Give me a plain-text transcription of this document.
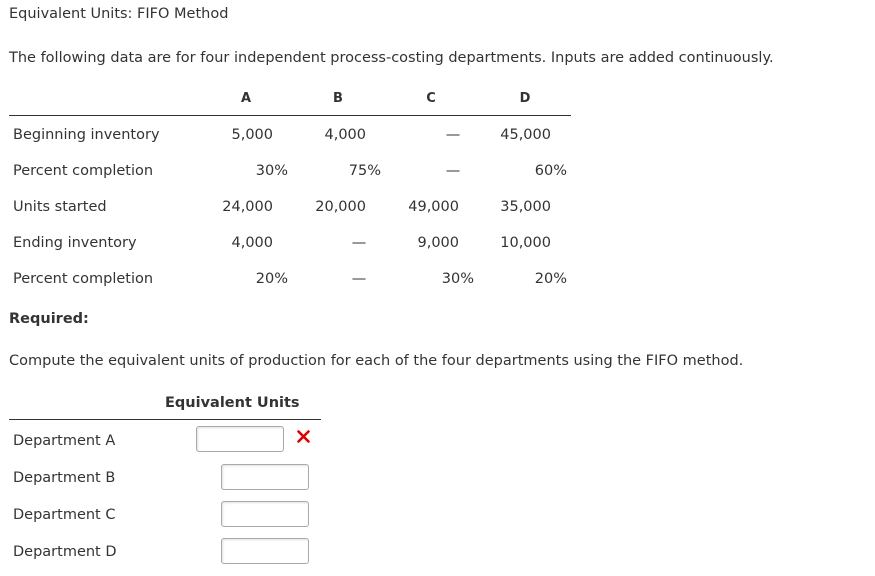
Equivalent Units: FIFO Method
The following data are for four independent process-costing departments. Inputs are added continuously.
A	B	C	D
Beginning inventory	5,000	4,000	—	45,000
Percent completion	30%	75%	—	60%
Units started	24,000	20,000	49,000	35,000
Ending inventory	4,000	—	9,000	10,000
Percent completion	20%	—	30%	20%
Required:
Compute the equivalent units of production for each of the four departments using the FIFO method.
Equivalent Units
Department A
Department B
Department C
Department D
